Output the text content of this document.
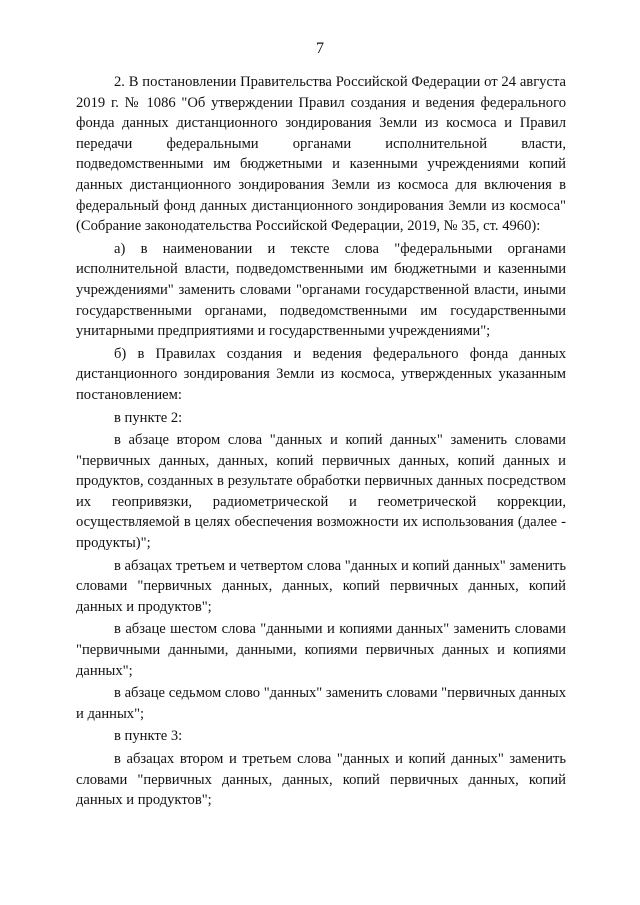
7

2. В постановлении Правительства Российской Федерации от 24 августа 2019 г. № 1086 "Об утверждении Правил создания и ведения федерального фонда данных дистанционного зондирования Земли из космоса и Правил передачи федеральными органами исполнительной власти, подведомственными им бюджетными и казенными учреждениями копий данных дистанционного зондирования Земли из космоса для включения в федеральный фонд данных дистанционного зондирования Земли из космоса" (Собрание законодательства Российской Федерации, 2019, № 35, ст. 4960):

а) в наименовании и тексте слова "федеральными органами исполнительной власти, подведомственными им бюджетными и казенными учреждениями" заменить словами "органами государственной власти, иными государственными органами, подведомственными им государственными унитарными предприятиями и государственными учреждениями";

б) в Правилах создания и ведения федерального фонда данных дистанционного зондирования Земли из космоса, утвержденных указанным постановлением:

в пункте 2:

в абзаце втором слова "данных и копий данных" заменить словами "первичных данных, данных, копий первичных данных, копий данных и продуктов, созданных в результате обработки первичных данных посредством их геопривязки, радиометрической и геометрической коррекции, осуществляемой в целях обеспечения возможности их использования (далее - продукты)";

в абзацах третьем и четвертом слова "данных и копий данных" заменить словами "первичных данных, данных, копий первичных данных, копий данных и продуктов";

в абзаце шестом слова "данными и копиями данных" заменить словами "первичными данными, данными, копиями первичных данных и копиями данных";

в абзаце седьмом слово "данных" заменить словами "первичных данных и данных";

в пункте 3:

в абзацах втором и третьем слова "данных и копий данных" заменить словами "первичных данных, данных, копий первичных данных, копий данных и продуктов";
